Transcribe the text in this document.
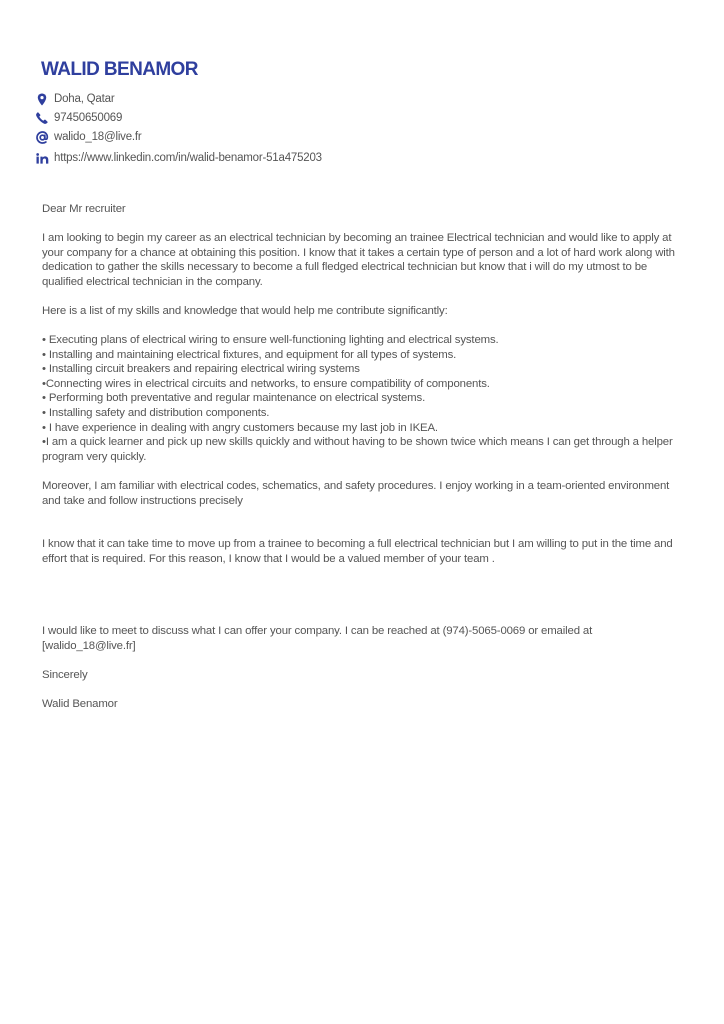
WALID BENAMOR
Doha, Qatar
97450650069
walido_18@live.fr
https://www.linkedin.com/in/walid-benamor-51a475203

Dear Mr recruiter

I am looking to begin my career as an electrical technician by becoming an trainee Electrical technician and would like to apply at your company for a chance at obtaining this position. I know that it takes a certain type of person and a lot of hard work along with dedication to gather the skills necessary to become a full fledged electrical technician but know that i will do my utmost to be qualified electrical technician in the company.

Here is a list of my skills and knowledge that would help me contribute significantly:

• Executing plans of electrical wiring to ensure well-functioning lighting and electrical systems.

• Installing and maintaining electrical fixtures, and equipment for all types of systems.

• Installing circuit breakers and repairing electrical wiring systems

•Connecting wires in electrical circuits and networks, to ensure compatibility of components.

• Performing both preventative and regular maintenance on electrical systems.

• Installing safety and distribution components.

• I have experience in dealing with angry customers because my last job in IKEA.

•I am a quick learner and pick up new skills quickly and without having to be shown twice which means I can get through a helper program very quickly.

Moreover, I am familiar with electrical codes, schematics, and safety procedures. I enjoy working in a team-oriented environment and take and follow instructions precisely

I know that it can take time to move up from a trainee to becoming a full electrical technician but I am willing to put in the time and effort that is required. For this reason, I know that I would be a valued member of your team .

I would like to meet to discuss what I can offer your company. I can be reached at (974)-5065-0069 or emailed at [walido_18@live.fr]

Sincerely

Walid Benamor
